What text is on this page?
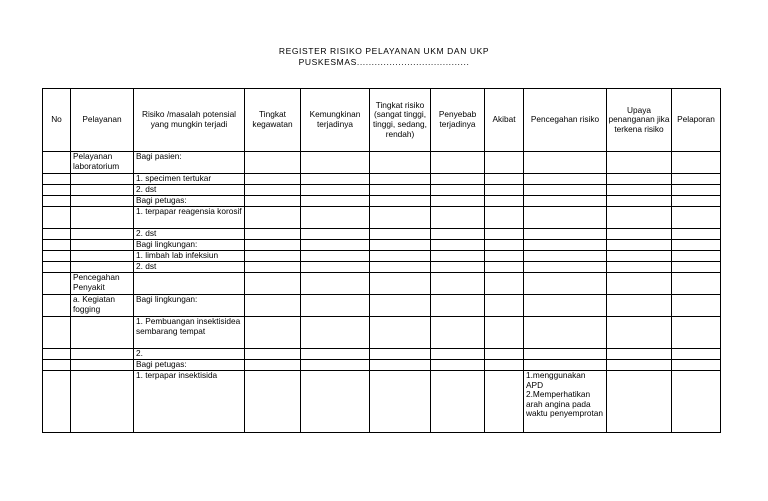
REGISTER RISIKO PELAYANAN UKM DAN UKP
PUSKESMAS......................................
No	Pelayanan	Risiko /masalah potensial yang mungkin terjadi	Tingkat kegawatan	Kemungkinan terjadinya	Tingkat risiko (sangat tinggi, tinggi, sedang, rendah)	Penyebab terjadinya	Akibat	Pencegahan risiko	Upaya penanganan jika terkena risiko	Pelaporan
	Pelayanan laboratorium	Bagi pasien:								
		1. specimen tertukar								
		2. dst								
		Bagi petugas:								
		1. terpapar reagensia korosif								
		2. dst								
		Bagi lingkungan:								
		1. limbah lab infeksiun								
		2. dst								
	Pencegahan Penyakit									
	a. Kegiatan fogging	Bagi lingkungan:								
		1. Pembuangan insektisidea sembarang tempat								
		2.								
		Bagi petugas:								
		1. terpapar insektisida						1.menggunakan APD
2.Memperhatikan arah angina pada waktu penyemprotan		
